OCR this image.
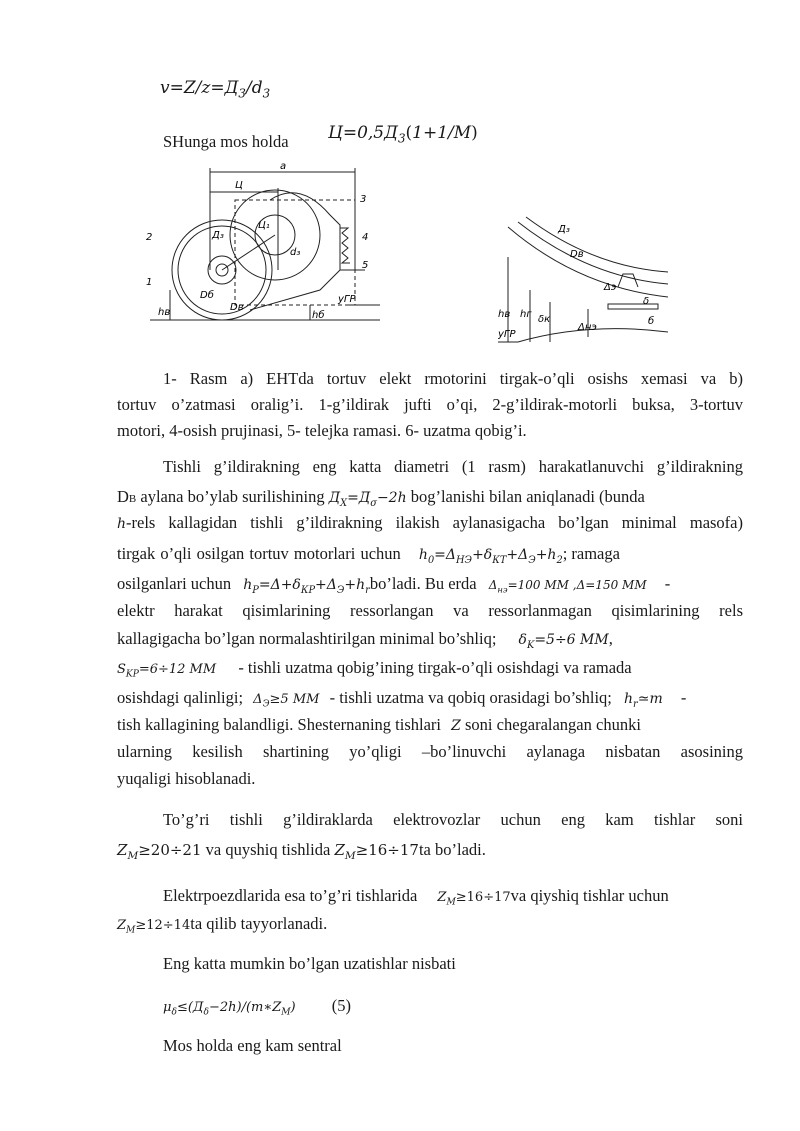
$v=Z/z=Д_3/d_3$
SHunga mos holda	$Ц=0,5Д_3(1+1/M)$
a
Ц
Ц₁
d₃
Д₃
Dб
Dв
3
4
5
2
1
hв	hб
yГР
Д₃
Dв
hв hг δк
Δнэ
δ
б
yГР
Δэ
1- Rasm a) EHTda tortuv elekt rmotorini tirgak-o’qli osishs xemasi va b)
tortuv o’zatmasi oralig’i. 1-g’ildirak jufti o’qi, 2-g’ildirak-motorli buksa, 3-tortuv
motori, 4-osish prujinasi, 5- telejka ramasi. 6- uzatma qobig’i.
Tishli g’ildirakning eng katta diametri (1 rasm) harakatlanuvchi g’ildirakning
DB aylana bo’ylab surilishining $Д_X=Д_\sigma-2h$ bog’lanishi bilan aniqlanadi (bunda
h-rels kallagidan tishli g’ildirakning ilakish aylanasigacha bo’lgan minimal masofa)
tirgak o’qli osilgan tortuv motorlari uchun $h_0=\Delta_{НЭ}+\delta_{КТ}+\Delta_Э+h_2$; ramaga
osilganlari uchun $h_P=\Delta+\delta_{КР}+\Delta_Э+h_rbo’ladi$. Bu erda $\Delta_{нэ}=100$ MM ,Δ=150 MM -
elektr harakat qisimlarining ressorlangan va ressorlanmagan qisimlarining rels
kallagigacha bo’lgan normalashtirilgan minimal bo’shliq; $\delta_K=5\div 6$ MM,
$S_{KP}=6\div 12$ MM - tishli uzatma qobig’ining tirgak-o’qli osishdagi va ramada
osishdagi qalinligi; $\Delta_Э\ge 5$ MM - tishli uzatma va qobiq orasidagi bo’shliq; $h_r≃m$ -
tish kallagining balandligi. Shesternaning tishlari Z soni chegaralangan chunki
ularning kesilish shartining yo’qligi –bo’linuvchi aylanaga nisbatan asosining
yuqaligi hisoblanadi.
To’g’ri tishli g’ildiraklarda elektrovozlar uchun eng kam tishlar soni
$Z_M\ge 20\div 21$ va quyshiq tishlida $Z_M\ge 16\div 17ta$ bo’ladi.
Elektrpoezdlarida esa to’g’ri tishlarida $Z_M\ge 16\div 17va$ qiyshiq tishlar uchun
$Z_M\ge 12\div 14ta$ qilib tayyorlanadi.
Eng katta mumkin bo’lgan uzatishlar nisbati
$\mu_\delta\le(Д_\delta-2h)/(m∗Z_M)$ (5)
Mos holda eng kam sentral
